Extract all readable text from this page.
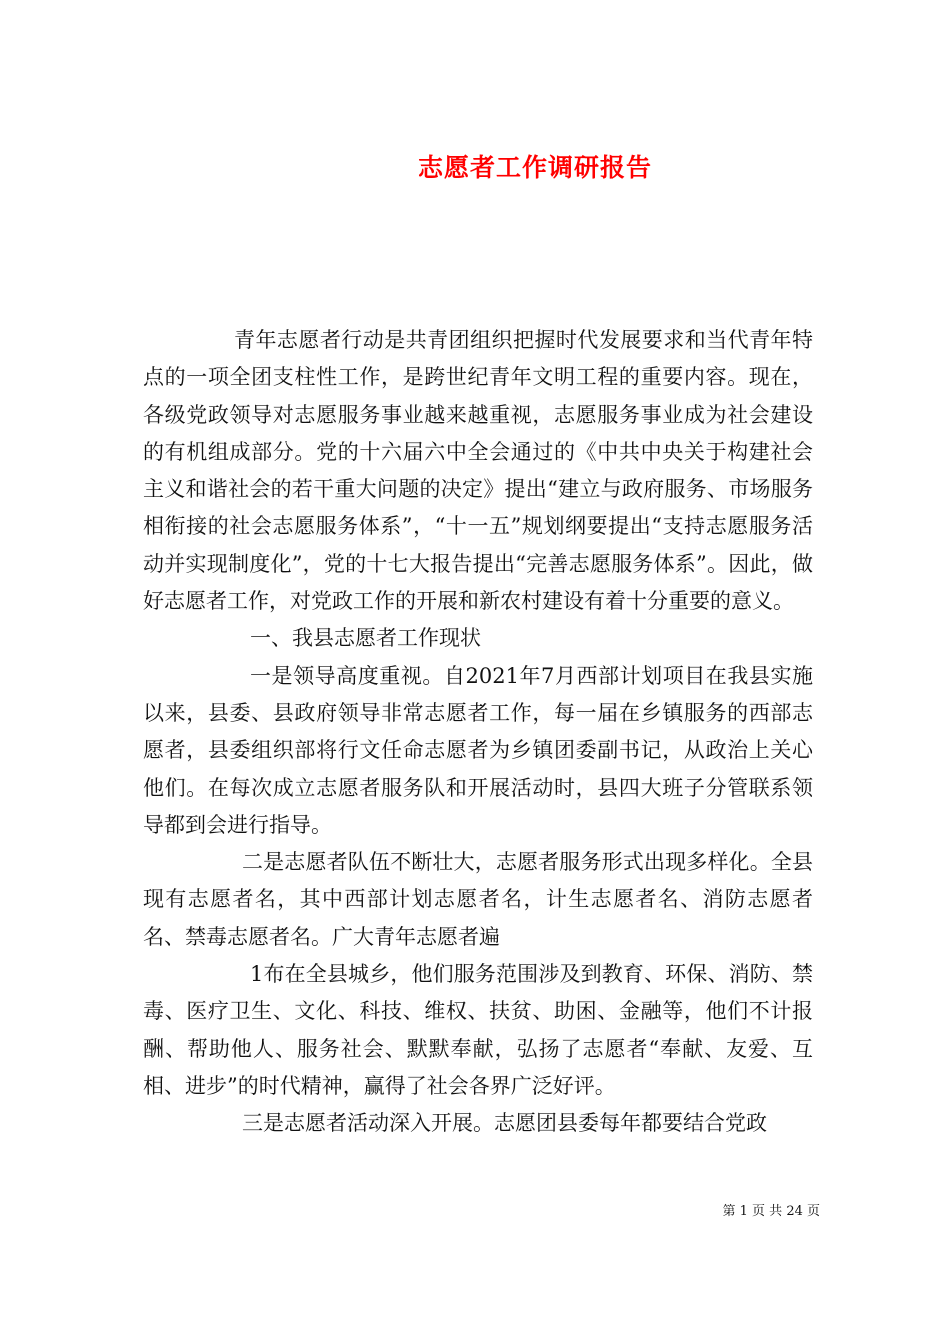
志愿者工作调研报告

青年志愿者行动是共青团组织把握时代发展要求和当代青年特点的一项全团支柱性工作，是跨世纪青年文明工程的重要内容。现在，各级党政领导对志愿服务事业越来越重视，志愿服务事业成为社会建设的有机组成部分。党的十六届六中全会通过的《中共中央关于构建社会主义和谐社会的若干重大问题的决定》提出“建立与政府服务、市场服务相衔接的社会志愿服务体系”，“十一五”规划纲要提出“支持志愿服务活动并实现制度化”，党的十七大报告提出“完善志愿服务体系”。因此，做好志愿者工作，对党政工作的开展和新农村建设有着十分重要的意义。

一、我县志愿者工作现状

一是领导高度重视。自2021年7月西部计划项目在我县实施以来，县委、县政府领导非常志愿者工作，每一届在乡镇服务的西部志愿者，县委组织部将行文任命志愿者为乡镇团委副书记，从政治上关心他们。在每次成立志愿者服务队和开展活动时，县四大班子分管联系领导都到会进行指导。

二是志愿者队伍不断壮大，志愿者服务形式出现多样化。全县现有志愿者名，其中西部计划志愿者名，计生志愿者名、消防志愿者名、禁毒志愿者名。广大青年志愿者遍

1布在全县城乡，他们服务范围涉及到教育、环保、消防、禁毒、医疗卫生、文化、科技、维权、扶贫、助困、金融等，他们不计报酬、帮助他人、服务社会、默默奉献，弘扬了志愿者“奉献、友爱、互相、进步”的时代精神，赢得了社会各界广泛好评。

三是志愿者活动深入开展。志愿团县委每年都要结合党政

第 1 页 共 24 页
